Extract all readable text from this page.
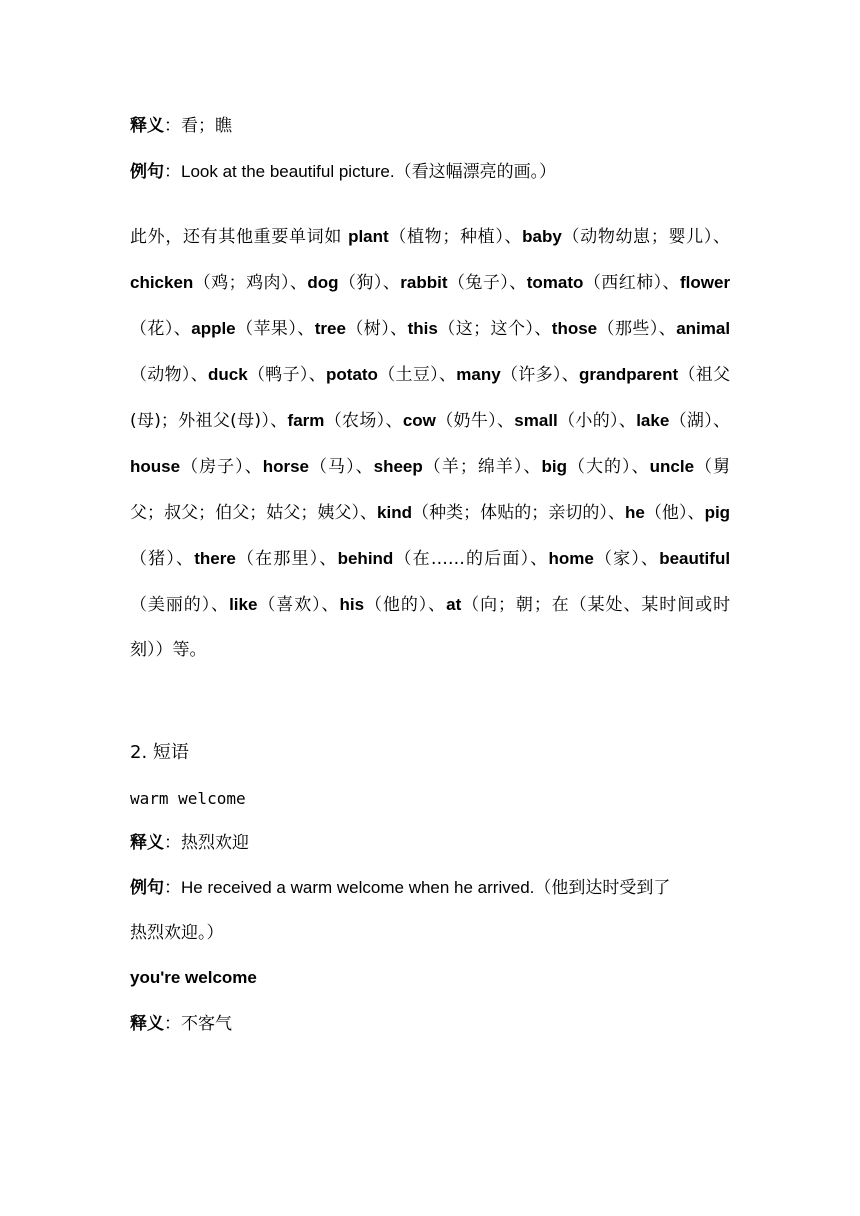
释义：看；瞧
例句：Look at the beautiful picture.（看这幅漂亮的画。）
此外，还有其他重要单词如 plant（植物；种植）、baby（动物幼崽；婴儿）、chicken（鸡；鸡肉）、dog（狗）、rabbit（兔子）、tomato（西红柿）、flower（花）、apple（苹果）、tree（树）、this（这；这个）、those（那些）、animal（动物）、duck（鸭子）、potato（土豆）、many（许多）、grandparent（祖父(母)；外祖父(母)）、farm（农场）、cow（奶牛）、small（小的）、lake（湖）、house（房子）、horse（马）、sheep（羊；绵羊）、big（大的）、uncle（舅父；叔父；伯父；姑父；姨父）、kind（种类；体贴的；亲切的）、he（他）、pig（猪）、there（在那里）、behind（在……的后面）、home（家）、beautiful（美丽的）、like（喜欢）、his（他的）、at（向；朝；在（某处、某时间或时刻））等。
2. 短语
warm welcome
释义：热烈欢迎
例句：He received a warm welcome when he arrived.（他到达时受到了
热烈欢迎。）
you're welcome
释义：不客气
